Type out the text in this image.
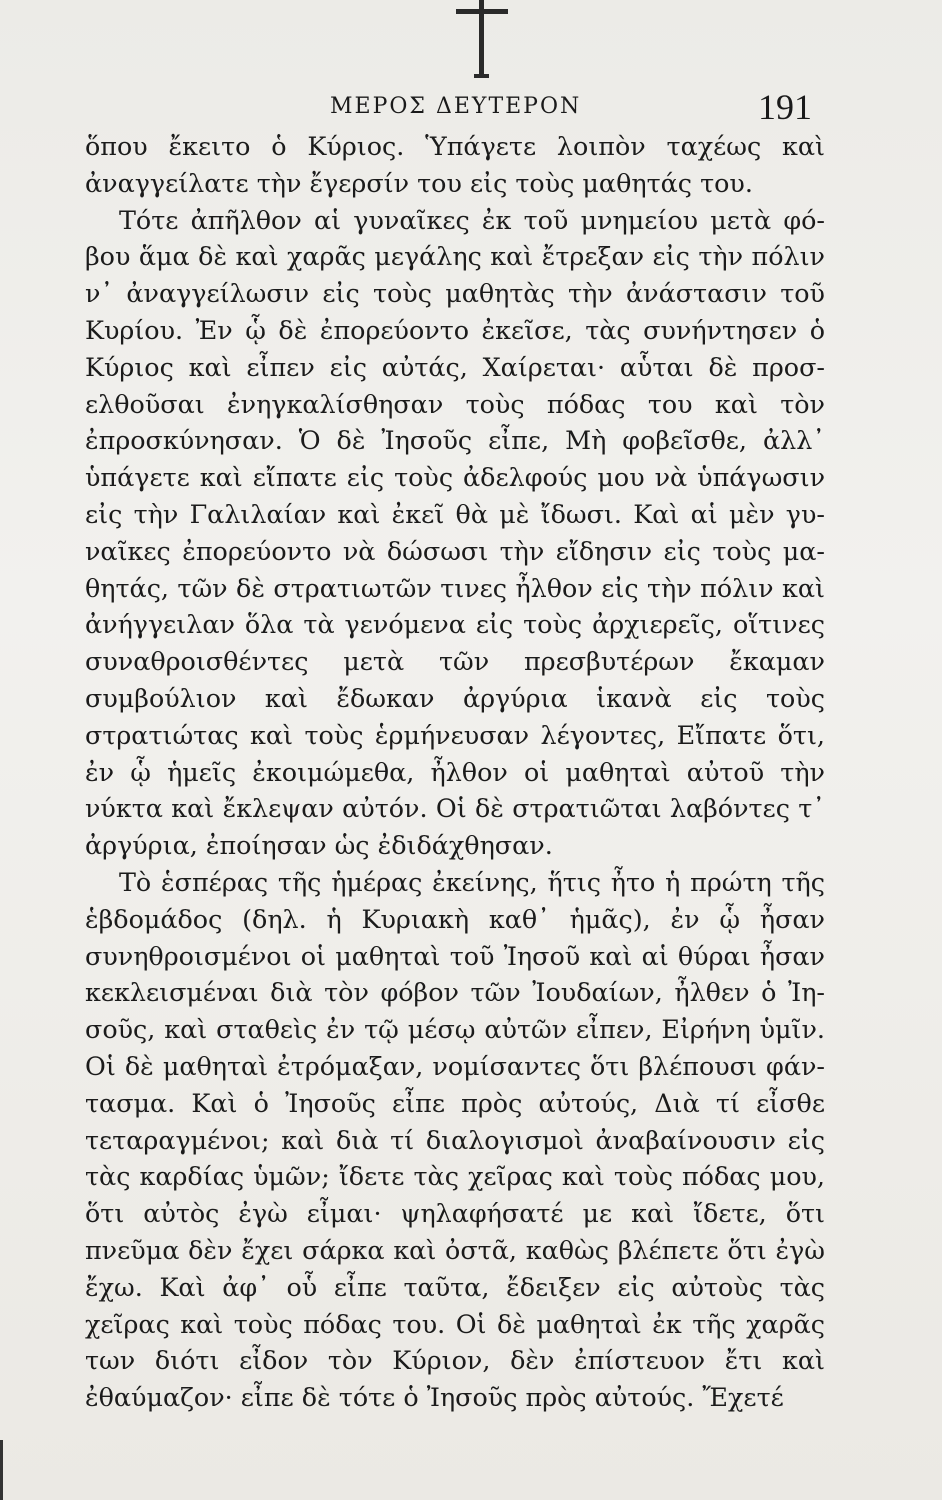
ΜΕΡΟΣ ΔΕΥΤΕΡΟΝ	191

ὅπου ἔκειτο ὁ Κύριος. Ὑπάγετε λοιπὸν ταχέως καὶ ἀναγγείλατε τὴν ἔγερσίν του εἰς τοὺς μαθητάς του.

Τότε ἀπῆλθον αἱ γυναῖκες ἐκ τοῦ μνημείου μετὰ φόβου ἅμα δὲ καὶ χαρᾶς μεγάλης καὶ ἔτρεξαν εἰς τὴν πόλιν ν᾽ ἀναγγείλωσιν εἰς τοὺς μαθητὰς τὴν ἀνάστασιν τοῦ Κυρίου. Ἐν ᾧ δὲ ἐπορεύοντο ἐκεῖσε, τὰς συνήντησεν ὁ Κύριος καὶ εἶπεν εἰς αὐτάς, Χαίρεται· αὗται δὲ προσελθοῦσαι ἐνηγκαλίσθησαν τοὺς πόδας του καὶ τὸν ἐπροσκύνησαν. Ὁ δὲ Ἰησοῦς εἶπε, Μὴ φοβεῖσθε, ἀλλ᾽ ὑπάγετε καὶ εἴπατε εἰς τοὺς ἀδελφούς μου νὰ ὑπάγωσιν εἰς τὴν Γαλιλαίαν καὶ ἐκεῖ θὰ μὲ ἴδωσι. Καὶ αἱ μὲν γυναῖκες ἐπορεύοντο νὰ δώσωσι τὴν εἴδησιν εἰς τοὺς μαθητάς, τῶν δὲ στρατιωτῶν τινες ἦλθον εἰς τὴν πόλιν καὶ ἀνήγγειλαν ὅλα τὰ γενόμενα εἰς τοὺς ἀρχιερεῖς, οἵτινες συναθροισθέντες μετὰ τῶν πρεσβυτέρων ἔκαμαν συμβούλιον καὶ ἔδωκαν ἀργύρια ἱκανὰ εἰς τοὺς στρατιώτας καὶ τοὺς ἑρμήνευσαν λέγοντες, Εἴπατε ὅτι, ἐν ᾧ ἡμεῖς ἐκοιμώμεθα, ἦλθον οἱ μαθηταὶ αὐτοῦ τὴν νύκτα καὶ ἔκλεψαν αὐτόν. Οἱ δὲ στρατιῶται λαβόντες τ᾽ ἀργύρια, ἐποίησαν ὡς ἐδιδάχθησαν.

Τὸ ἑσπέρας τῆς ἡμέρας ἐκείνης, ἥτις ἦτο ἡ πρώτη τῆς ἑβδομάδος (δηλ. ἡ Κυριακὴ καθ᾽ ἡμᾶς), ἐν ᾧ ἦσαν συνηθροισμένοι οἱ μαθηταὶ τοῦ Ἰησοῦ καὶ αἱ θύραι ἦσαν κεκλεισμέναι διὰ τὸν φόβον τῶν Ἰουδαίων, ἦλθεν ὁ Ἰησοῦς, καὶ σταθεὶς ἐν τῷ μέσῳ αὐτῶν εἶπεν, Εἰρήνη ὑμῖν. Οἱ δὲ μαθηταὶ ἐτρόμαξαν, νομίσαντες ὅτι βλέπουσι φάντασμα. Καὶ ὁ Ἰησοῦς εἶπε πρὸς αὐτούς, Διὰ τί εἶσθε τεταραγμένοι; καὶ διὰ τί διαλογισμοὶ ἀναβαίνουσιν εἰς τὰς καρδίας ὑμῶν; ἴδετε τὰς χεῖρας καὶ τοὺς πόδας μου, ὅτι αὐτὸς ἐγὼ εἶμαι· ψηλαφήσατέ με καὶ ἴδετε, ὅτι πνεῦμα δὲν ἔχει σάρκα καὶ ὀστᾶ, καθὼς βλέπετε ὅτι ἐγὼ ἔχω. Καὶ ἀφ᾽ οὗ εἶπε ταῦτα, ἔδειξεν εἰς αὐτοὺς τὰς χεῖρας καὶ τοὺς πόδας του. Οἱ δὲ μαθηταὶ ἐκ τῆς χαρᾶς των διότι εἶδον τὸν Κύριον, δὲν ἐπίστευον ἔτι καὶ ἐθαύμαζον· εἶπε δὲ τότε ὁ Ἰησοῦς πρὸς αὐτούς. Ἔχετέ
